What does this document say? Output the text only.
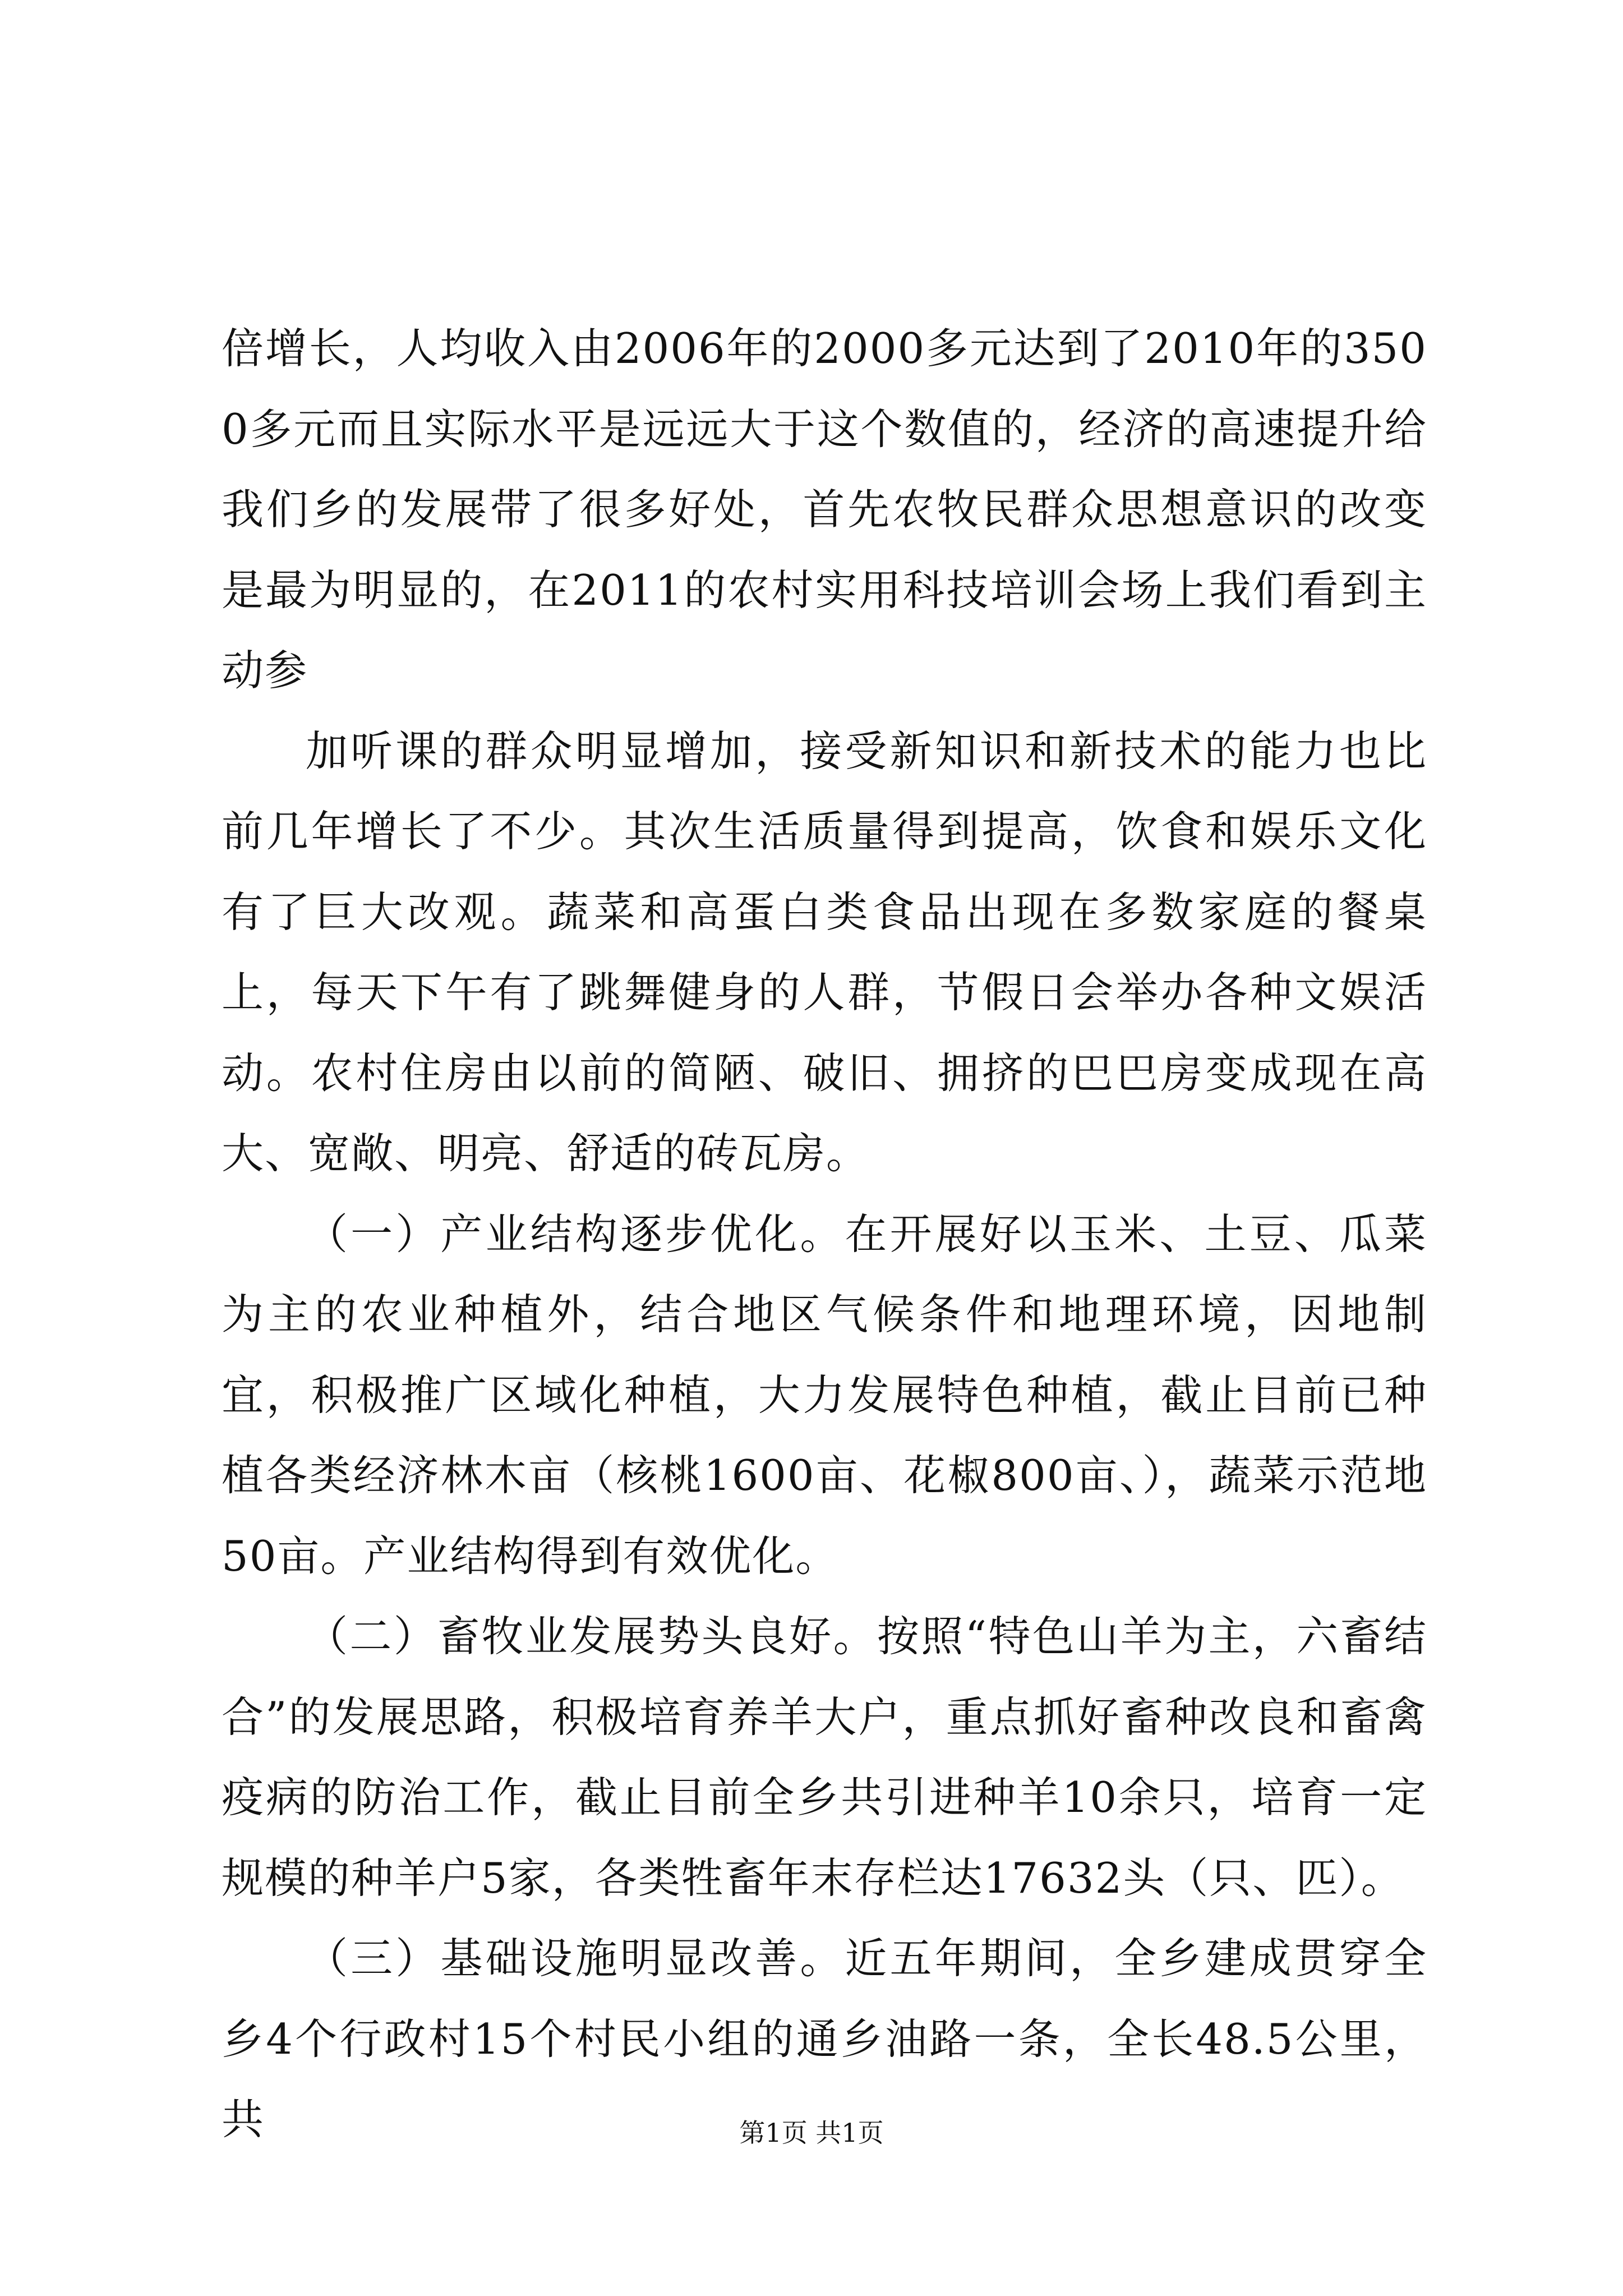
倍增长，人均收入由2006年的2000多元达到了2010年的3500多元而且实际水平是远远大于这个数值的，经济的高速提升给我们乡的发展带了很多好处，首先农牧民群众思想意识的改变是最为明显的，在2011的农村实用科技培训会场上我们看到主动参

加听课的群众明显增加，接受新知识和新技术的能力也比前几年增长了不少。其次生活质量得到提高，饮食和娱乐文化有了巨大改观。蔬菜和高蛋白类食品出现在多数家庭的餐桌上，每天下午有了跳舞健身的人群，节假日会举办各种文娱活动。农村住房由以前的简陋、破旧、拥挤的巴巴房变成现在高大、宽敞、明亮、舒适的砖瓦房。

（一）产业结构逐步优化。在开展好以玉米、土豆、瓜菜为主的农业种植外，结合地区气候条件和地理环境，因地制宜，积极推广区域化种植，大力发展特色种植，截止目前已种植各类经济林木亩（核桃1600亩、花椒800亩、），蔬菜示范地50亩。产业结构得到有效优化。

（二）畜牧业发展势头良好。按照“特色山羊为主，六畜结合”的发展思路，积极培育养羊大户，重点抓好畜种改良和畜禽疫病的防治工作，截止目前全乡共引进种羊10余只，培育一定规模的种羊户5家，各类牲畜年末存栏达17632头（只、匹）。

（三）基础设施明显改善。近五年期间，全乡建成贯穿全乡4个行政村15个村民小组的通乡油路一条，全长48.5公里，共	第1页 共1页
